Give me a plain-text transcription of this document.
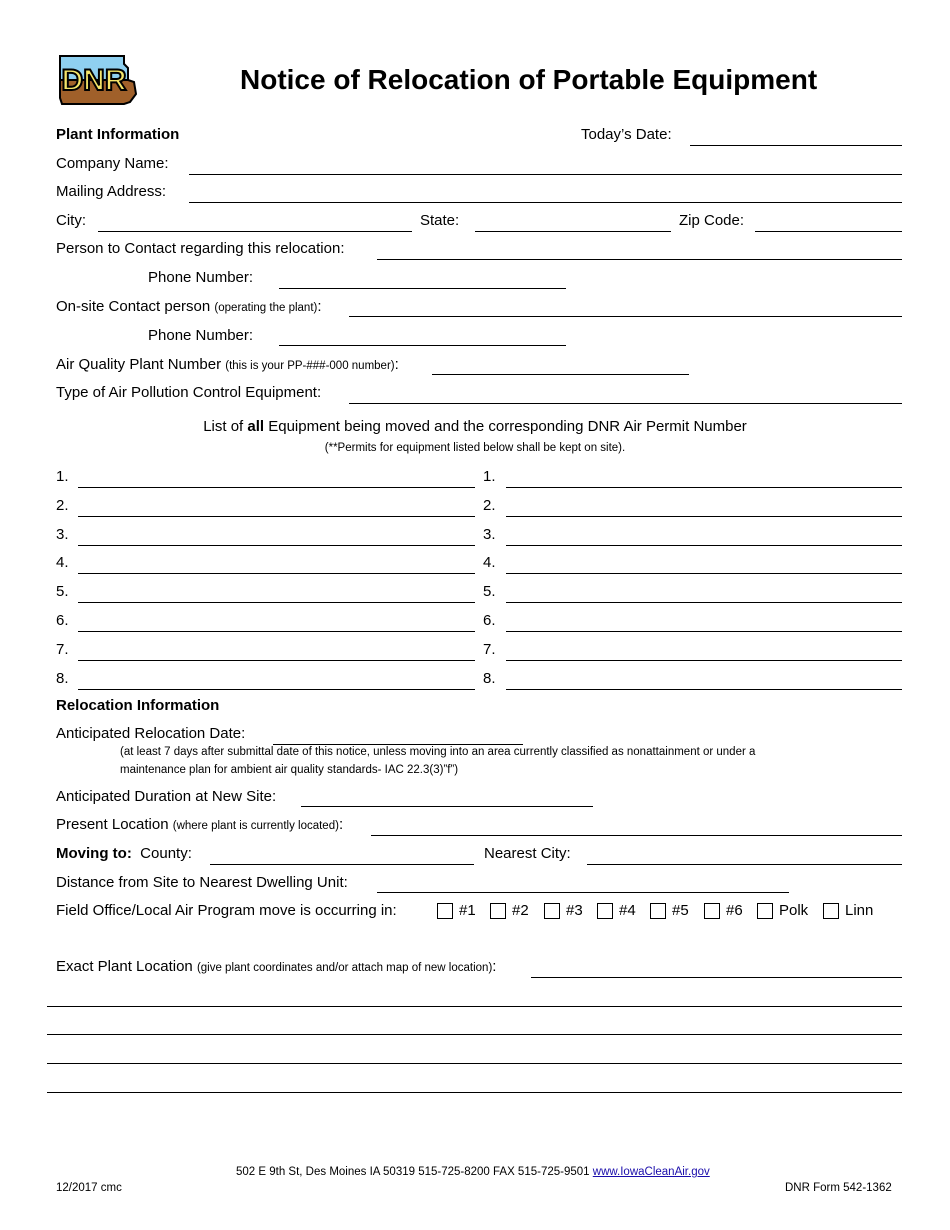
DNR	Notice of Relocation of Portable Equipment
Plant Information	Today’s Date:
Company Name:
Mailing Address:
City:	State:	Zip Code:
Person to Contact regarding this relocation:
Phone Number:
On-site Contact person (operating the plant):
Phone Number:
Air Quality Plant Number (this is your PP-###-000 number):
Type of Air Pollution Control Equipment:
List of all Equipment being moved and the corresponding DNR Air Permit Number
(**Permits for equipment listed below shall be kept on site).
1.	1.
2.	2.
3.	3.
4.	4.
5.	5.
6.	6.
7.	7.
8.	8.
Relocation Information
Anticipated Relocation Date:
(at least 7 days after submittal date of this notice, unless moving into an area currently classified as nonattainment or under a
maintenance plan for ambient air quality standards- IAC 22.3(3)”f”)
Anticipated Duration at New Site:
Present Location (where plant is currently located):
Moving to: County:	Nearest City:
Distance from Site to Nearest Dwelling Unit:
Field Office/Local Air Program move is occurring in:	#1 #2 #3 #4 #5 #6 Polk Linn
Exact Plant Location (give plant coordinates and/or attach map of new location):
502 E 9th St, Des Moines IA 50319 515-725-8200 FAX 515-725-9501 www.IowaCleanAir.gov
12/2017 cmc	DNR Form 542-1362
